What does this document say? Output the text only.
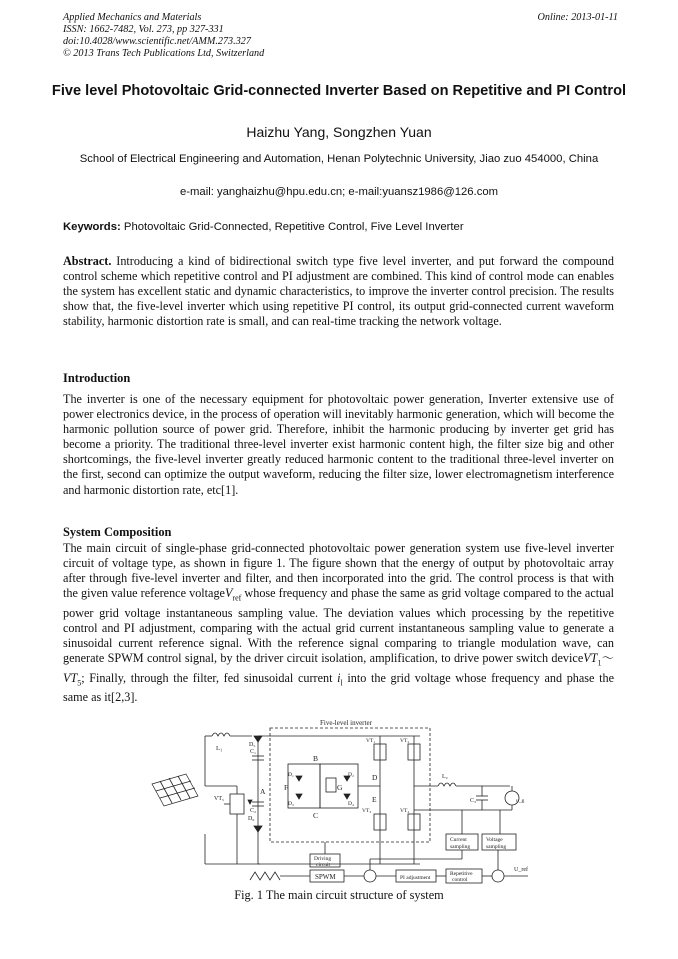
Applied Mechanics and Materials
ISSN: 1662-7482, Vol. 273, pp 327-331
doi:10.4028/www.scientific.net/AMM.273.327
© 2013 Trans Tech Publications Ltd, Switzerland
Online: 2013-01-11
Five level Photovoltaic Grid-connected Inverter Based on Repetitive and PI Control
Haizhu Yang, Songzhen Yuan
School of Electrical Engineering and Automation, Henan Polytechnic University, Jiao zuo 454000, China
e-mail: yanghaizhu@hpu.edu.cn; e-mail:yuansz1986@126.com
Keywords: Photovoltaic Grid-Connected, Repetitive Control, Five Level Inverter
Abstract. Introducing a kind of bidirectional switch type five level inverter, and put forward the compound control scheme which repetitive control and PI adjustment are combined. This kind of control mode can enables the system has excellent static and dynamic characteristics, to improve the inverter control precision. The results show that, the five-level inverter which using repetitive PI control, its output grid-connected current waveform stability, harmonic distortion rate is small, and can real-time tracking the network voltage.
Introduction
The inverter is one of the necessary equipment for photovoltaic power generation, Inverter extensive use of power electronics device, in the process of operation will inevitably harmonic generation, which will become the harmonic pollution source of power grid. Therefore, inhibit the harmonic producing by inverter get grid has become a priority. The traditional three-level inverter exist harmonic content high, the filter size big and other shortcomings, the five-level inverter greatly reduced harmonic content to the traditional three-level inverter on the first, second can optimize the output waveform, reducing the filter size, lower electromagnetism interference and harmonic distortion rate, etc[1].
System Composition
The main circuit of single-phase grid-connected photovoltaic power generation system use five-level inverter circuit of voltage type, as shown in figure 1. The figure shown that the energy of output by photovoltaic array after through five-level inverter and filter, and then incorporated into the grid. The control process is that with the given value reference voltageV$_{ref}$ whose frequency and phase the same as grid voltage compared to the actual power grid voltage instantaneous sampling value. The deviation values which processing by the repetitive control and PI adjustment, comparing with the actual grid current instantaneous sampling value to generate a sinusoidal current reference signal. With the reference signal comparing to triangle modulation wave, can generate SPWM control signal, by the driver circuit isolation, amplification, to drive power switch $deviceVT_1\sim VT_5$; Finally, through the filter, fed sinusoidal current $i_l$ into the grid voltage whose frequency and phase the same as it[2,3].
Five-level inverter
L₁
VT₅
D₅
D₆
C₁
C₂
A
B
C
F	G
D
E
D₁
D₃
D₂
D₄
VT₁	VT₂
VT₃	VT₄
L₂
C₃	u_g
Current
sampling
Voltage
sampling
Driving
circuit
SPWM	PI adjustment
Repetitive
control
U_ref
Fig. 1 The main circuit structure of system
